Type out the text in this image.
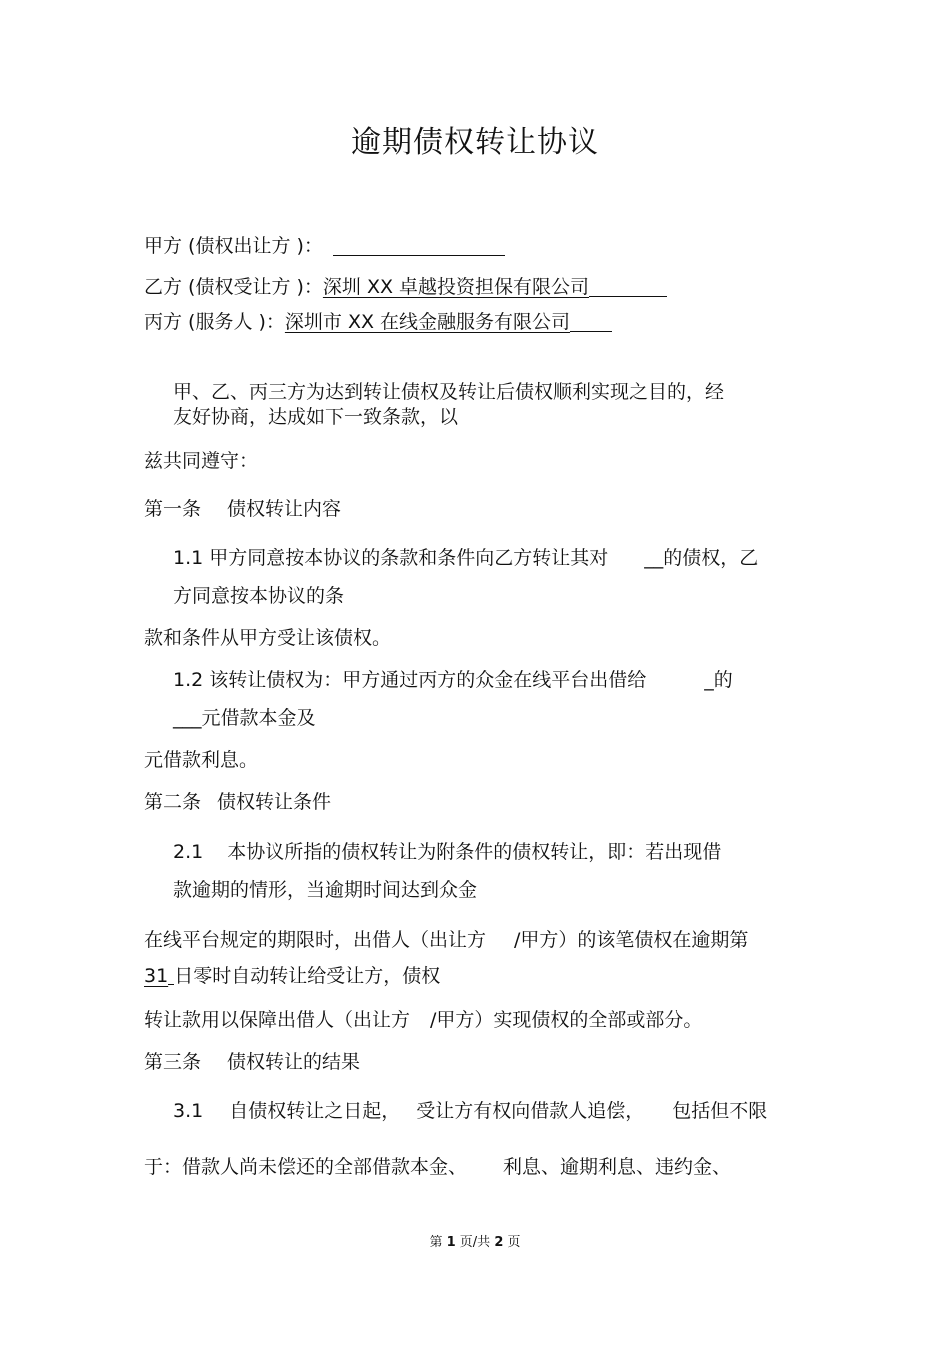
逾期债权转让协议
甲方 (债权出让方 )：
乙方 (债权受让方 )：深圳 XX 卓越投资担保有限公司
丙方 (服务人 )：深圳市 XX 在线金融服务有限公司
甲、乙、丙三方为达到转让债权及转让后债权顺利实现之目的，经
友好协商，达成如下一致条款，以
兹共同遵守：
第一条 债权转让内容
1.1 甲方同意按本协议的条款和条件向乙方转让其对 __的债权，乙
方同意按本协议的条
款和条件从甲方受让该债权。
1.2 该转让债权为：甲方通过丙方的众金在线平台出借给	_的
___元借款本金及
元借款利息。
第二条 债权转让条件
2.1 本协议所指的债权转让为附条件的债权转让，即：若出现借
款逾期的情形，当逾期时间达到众金
在线平台规定的期限时，出借人（出让方 /甲方）的该笔债权在逾期第
31 日零时自动转让给受让方，债权
转让款用以保障出借人（出让方 /甲方）实现债权的全部或部分。
第三条 债权转让的结果
3.1 自债权转让之日起， 受让方有权向借款人追偿， 包括但不限
于：借款人尚未偿还的全部借款本金、 利息、逾期利息、违约金、
第 1 页/共 2 页
